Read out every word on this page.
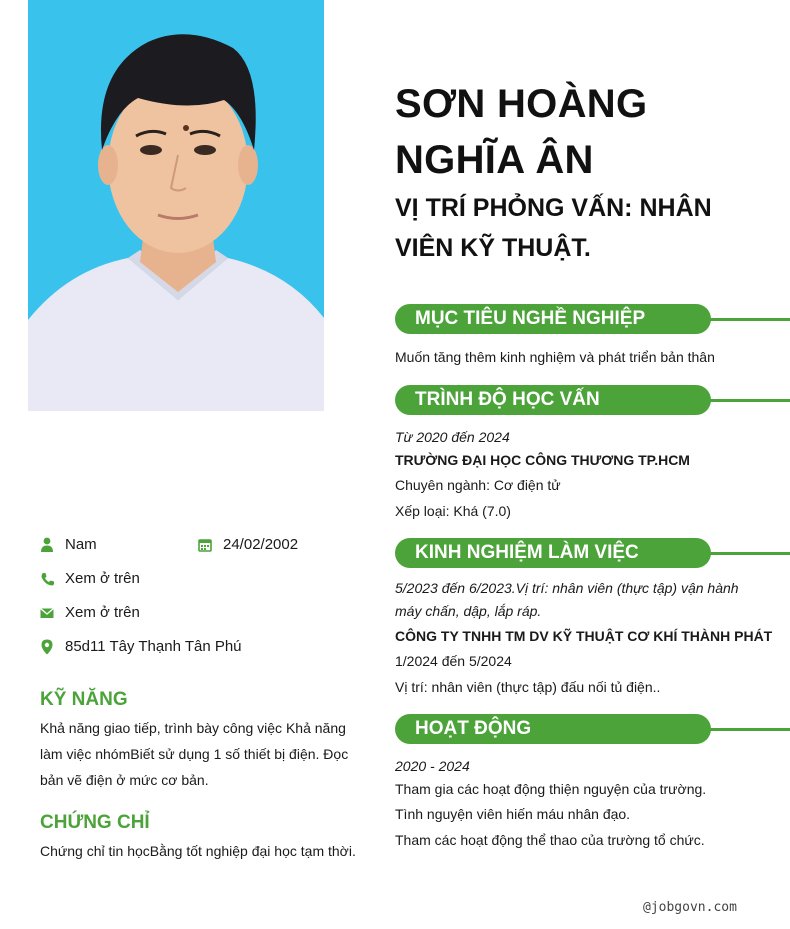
SƠN HOÀNG NGHĨA ÂN
VỊ TRÍ PHỎNG VẤN: NHÂN VIÊN KỸ THUẬT.
Nam	24/02/2002
Xem ở trên
Xem ở trên
85d11 Tây Thạnh Tân Phú
KỸ NĂNG
Khả năng giao tiếp, trình bày công việc Khả năng làm việc nhómBiết sử dụng 1 số thiết bị điện. Đọc bản vẽ điện ở mức cơ bản.
CHỨNG CHỈ
Chứng chỉ tin họcBằng tốt nghiệp đại học tạm thời.
MỤC TIÊU NGHỀ NGHIỆP
Muốn tăng thêm kinh nghiệm và phát triển bản thân
TRÌNH ĐỘ HỌC VẤN
Từ 2020 đến 2024
TRƯỜNG ĐẠI HỌC CÔNG THƯƠNG TP.HCM
Chuyên ngành: Cơ điện tử
Xếp loại: Khá (7.0)
KINH NGHIỆM LÀM VIỆC
5/2023 đến 6/2023.Vị trí: nhân viên (thực tập) vận hành máy chấn, dập, lắp ráp.
CÔNG TY TNHH TM DV KỸ THUẬT CƠ KHÍ THÀNH PHÁT
1/2024 đến 5/2024
Vị trí: nhân viên (thực tập) đấu nối tủ điện..
HOẠT ĐỘNG
2020 - 2024
Tham gia các hoạt động thiện nguyện của trường.
Tình nguyện viên hiến máu nhân đạo.
Tham các hoạt động thể thao của trường tổ chức.
@jobgovn.com
